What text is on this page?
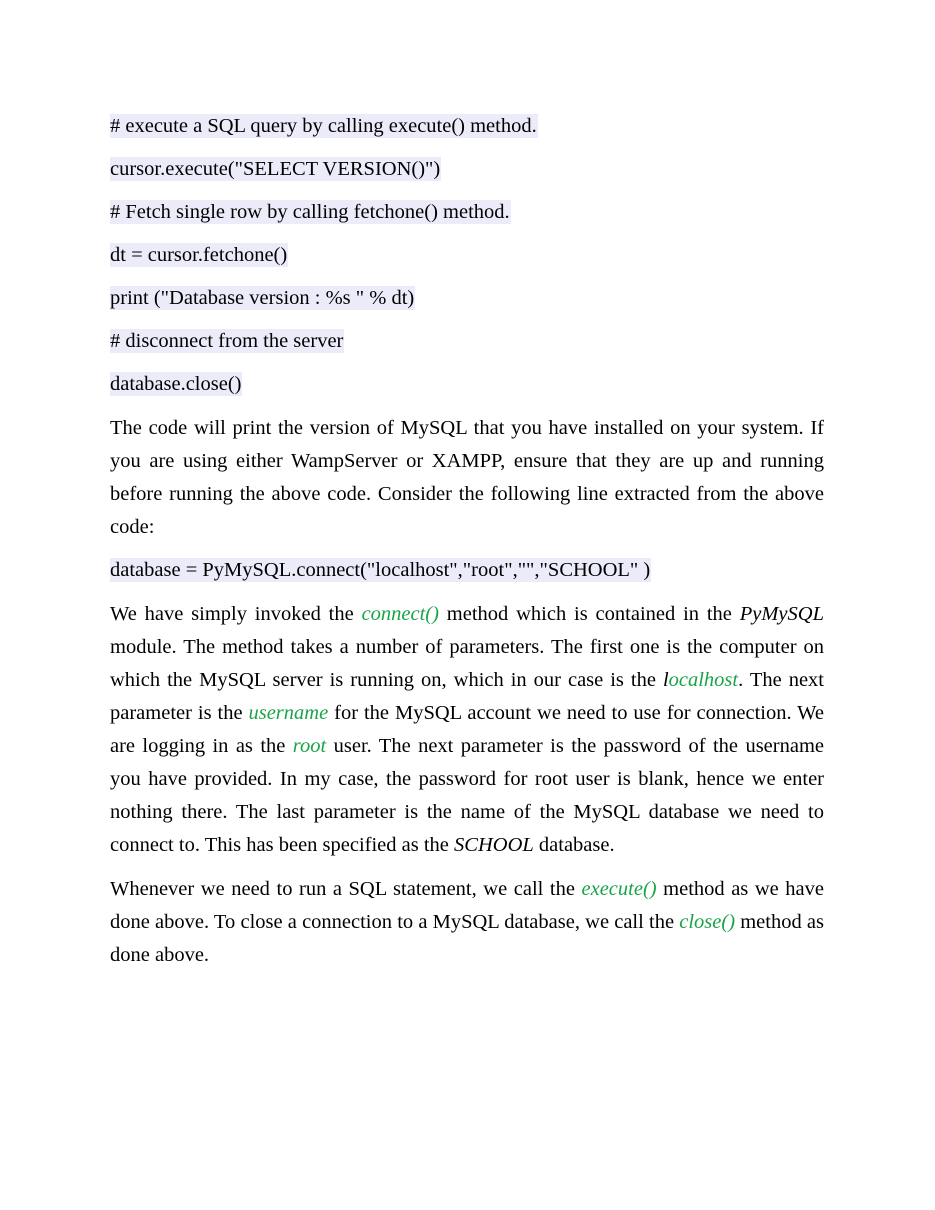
# execute a SQL query by calling execute() method.
cursor.execute("SELECT VERSION()")
# Fetch single row by calling fetchone() method.
dt = cursor.fetchone()
print ("Database version : %s " % dt)
# disconnect from the server
database.close()

The code will print the version of MySQL that you have installed on your system. If you are using either WampServer or XAMPP, ensure that they are up and running before running the above code. Consider the following line extracted from the above code:

database = PyMySQL.connect("localhost","root","","SCHOOL" )

We have simply invoked the connect() method which is contained in the PyMySQL module. The method takes a number of parameters. The first one is the computer on which the MySQL server is running on, which in our case is the localhost. The next parameter is the username for the MySQL account we need to use for connection. We are logging in as the root user. The next parameter is the password of the username you have provided. In my case, the password for root user is blank, hence we enter nothing there. The last parameter is the name of the MySQL database we need to connect to. This has been specified as the SCHOOL database.

Whenever we need to run a SQL statement, we call the execute() method as we have done above. To close a connection to a MySQL database, we call the close() method as done above.
